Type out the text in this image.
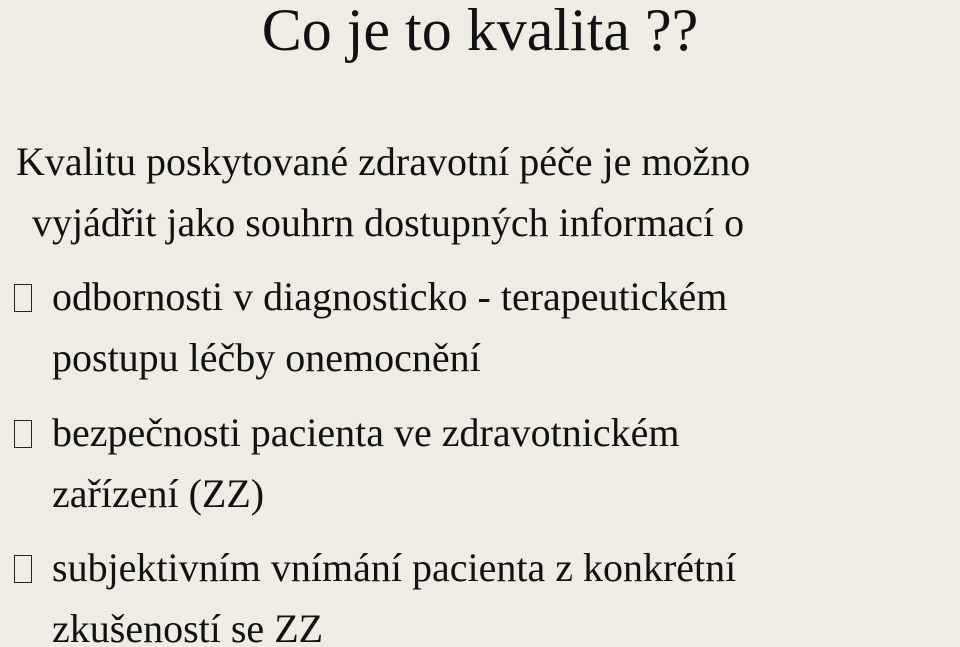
Co je to kvalita ??
Kvalitu poskytované zdravotní péče je možno
vyjádřit jako souhrn dostupných informací o
odbornosti v diagnosticko - terapeutickém
postupu léčby onemocnění
bezpečnosti pacienta ve zdravotnickém
zařízení (ZZ)
subjektivním vnímání pacienta z konkrétní
zkušeností se ZZ
